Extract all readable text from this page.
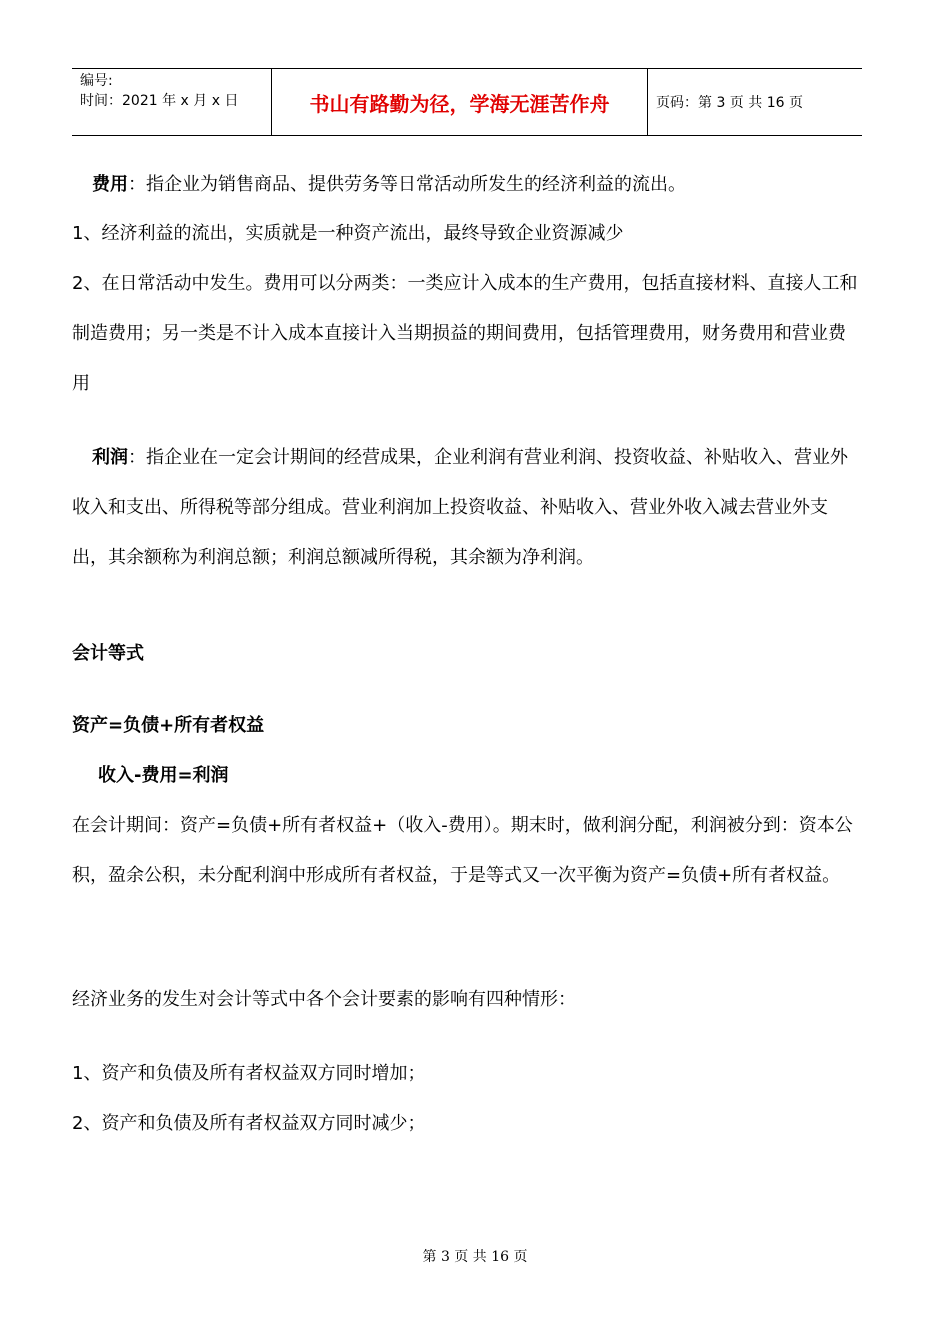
编号:
时间：2021 年 x 月 x 日	书山有路勤为径，学海无涯苦作舟	页码：第 3 页 共 16 页

费用：指企业为销售商品、提供劳务等日常活动所发生的经济利益的流出。

1、经济利益的流出，实质就是一种资产流出，最终导致企业资源减少

2、在日常活动中发生。费用可以分两类：一类应计入成本的生产费用，包括直接材料、直接人工和制造费用；另一类是不计入成本直接计入当期损益的期间费用，包括管理费用，财务费用和营业费用

利润：指企业在一定会计期间的经营成果，企业利润有营业利润、投资收益、补贴收入、营业外收入和支出、所得税等部分组成。营业利润加上投资收益、补贴收入、营业外收入减去营业外支出，其余额称为利润总额；利润总额减所得税，其余额为净利润。

会计等式

资产=负债+所有者权益

收入-费用=利润

在会计期间：资产=负债+所有者权益+（收入-费用）。期末时，做利润分配，利润被分到：资本公积，盈余公积，未分配利润中形成所有者权益，于是等式又一次平衡为资产=负债+所有者权益。

经济业务的发生对会计等式中各个会计要素的影响有四种情形：

1、资产和负债及所有者权益双方同时增加；

2、资产和负债及所有者权益双方同时减少；

第 3 页 共 16 页
